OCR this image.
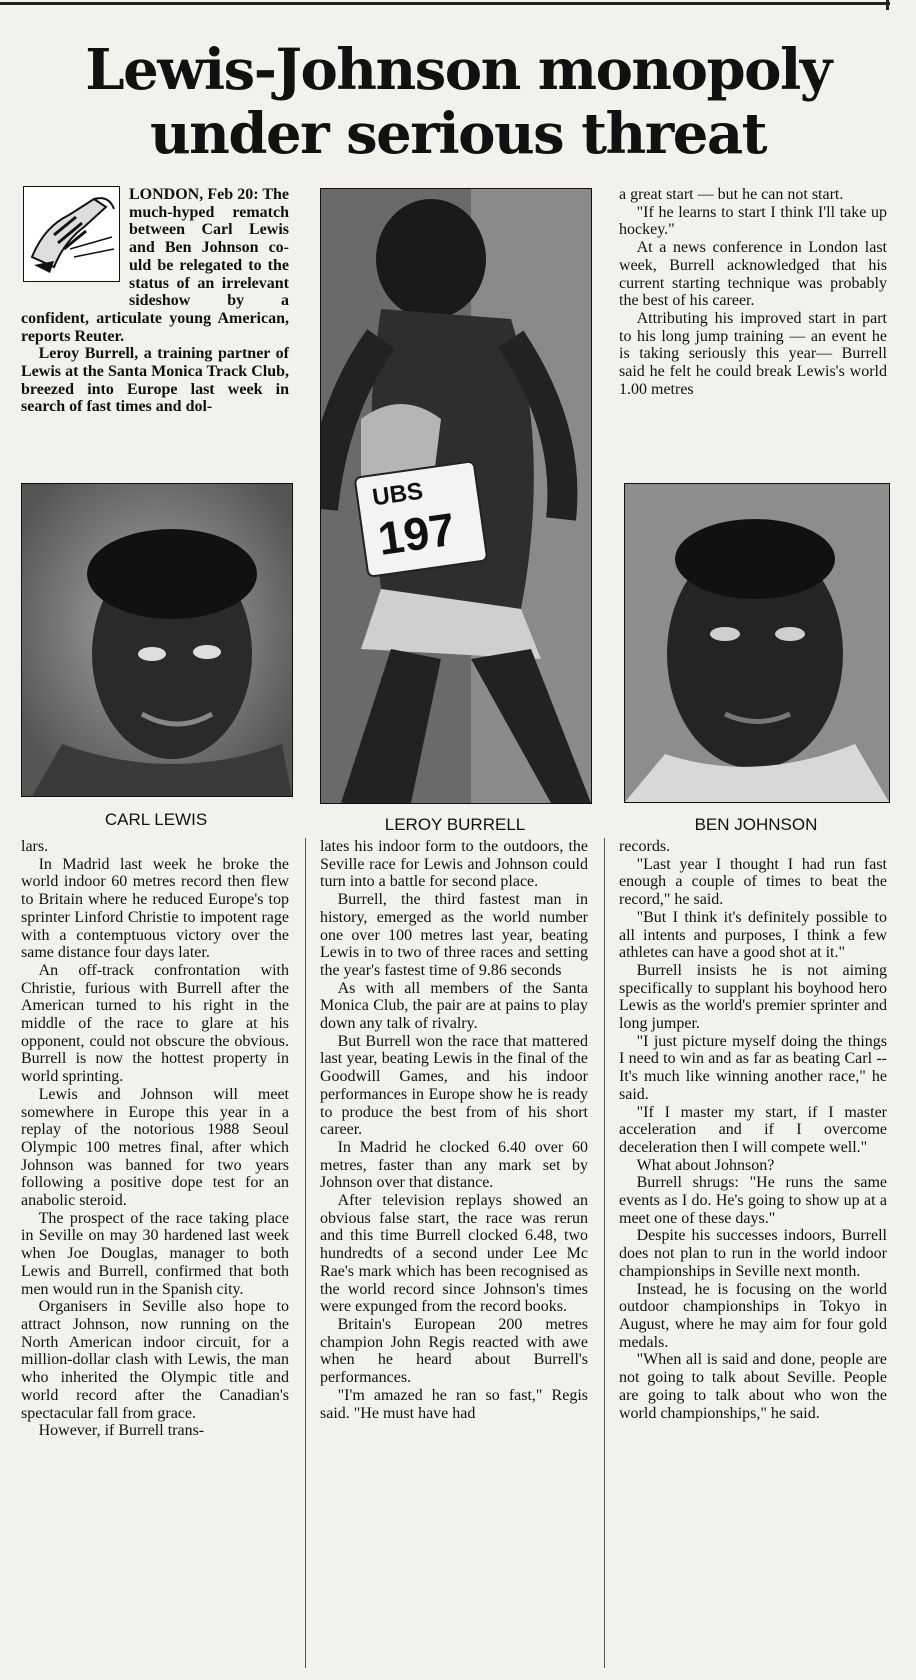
Lewis-Johnson monopoly
under serious threat

LONDON, Feb 20: The much-hyped rematch between Carl Lewis and Ben Johnson co-uld be relegated to the status of an irrelevant sideshow by a confident, articulate young American, reports Reuter.

Leroy Burrell, a training partner of Lewis at the Santa Monica Track Club, breezed into Europe last week in search of fast times and dol-

CARL LEWIS
UBS
197
LEROY BURRELL

a great start — but he can not start.

"If he learns to start I think I'll take up hockey."

At a news conference in London last week, Burrell acknowledged that his current starting technique was probably the best of his career.

Attributing his improved start in part to his long jump training — an event he is taking seriously this year— Burrell said he felt he could break Lewis's world 1.00 metres

BEN JOHNSON

lars.

In Madrid last week he broke the world indoor 60 metres record then flew to Britain where he reduced Europe's top sprinter Linford Christie to impotent rage with a contemptuous victory over the same distance four days later.

An off-track confrontation with Christie, furious with Burrell after the American turned to his right in the middle of the race to glare at his opponent, could not obscure the obvious. Burrell is now the hottest property in world sprinting.

Lewis and Johnson will meet somewhere in Europe this year in a replay of the notorious 1988 Seoul Olympic 100 metres final, after which Johnson was banned for two years following a positive dope test for an anabolic steroid.

The prospect of the race taking place in Seville on may 30 hardened last week when Joe Douglas, manager to both Lewis and Burrell, confirmed that both men would run in the Spanish city.

Organisers in Seville also hope to attract Johnson, now running on the North American indoor circuit, for a million-dollar clash with Lewis, the man who inherited the Olympic title and world record after the Canadian's spectacular fall from grace.

However, if Burrell trans-

lates his indoor form to the outdoors, the Seville race for Lewis and Johnson could turn into a battle for second place.

Burrell, the third fastest man in history, emerged as the world number one over 100 metres last year, beating Lewis in to two of three races and setting the year's fastest time of 9.86 seconds

As with all members of the Santa Monica Club, the pair are at pains to play down any talk of rivalry.

But Burrell won the race that mattered last year, beating Lewis in the final of the Goodwill Games, and his indoor performances in Europe show he is ready to produce the best from of his short career.

In Madrid he clocked 6.40 over 60 metres, faster than any mark set by Johnson over that distance.

After television replays showed an obvious false start, the race was rerun and this time Burrell clocked 6.48, two hundredts of a second under Lee Mc Rae's mark which has been recognised as the world record since Johnson's times were expunged from the record books.

Britain's European 200 metres champion John Regis reacted with awe when he heard about Burrell's performances.

"I'm amazed he ran so fast," Regis said. "He must have had

records.

"Last year I thought I had run fast enough a couple of times to beat the record," he said.

"But I think it's definitely possible to all intents and purposes, I think a few athletes can have a good shot at it."

Burrell insists he is not aiming specifically to supplant his boyhood hero Lewis as the world's premier sprinter and long jumper.

"I just picture myself doing the things I need to win and as far as beating Carl --It's much like winning another race," he said.

"If I master my start, if I master acceleration and if I overcome deceleration then I will compete well."

What about Johnson?

Burrell shrugs: "He runs the same events as I do. He's going to show up at a meet one of these days."

Despite his successes indoors, Burrell does not plan to run in the world indoor championships in Seville next month.

Instead, he is focusing on the world outdoor championships in Tokyo in August, where he may aim for four gold medals.

"When all is said and done, people are not going to talk about Seville. People are going to talk about who won the world championships," he said.
